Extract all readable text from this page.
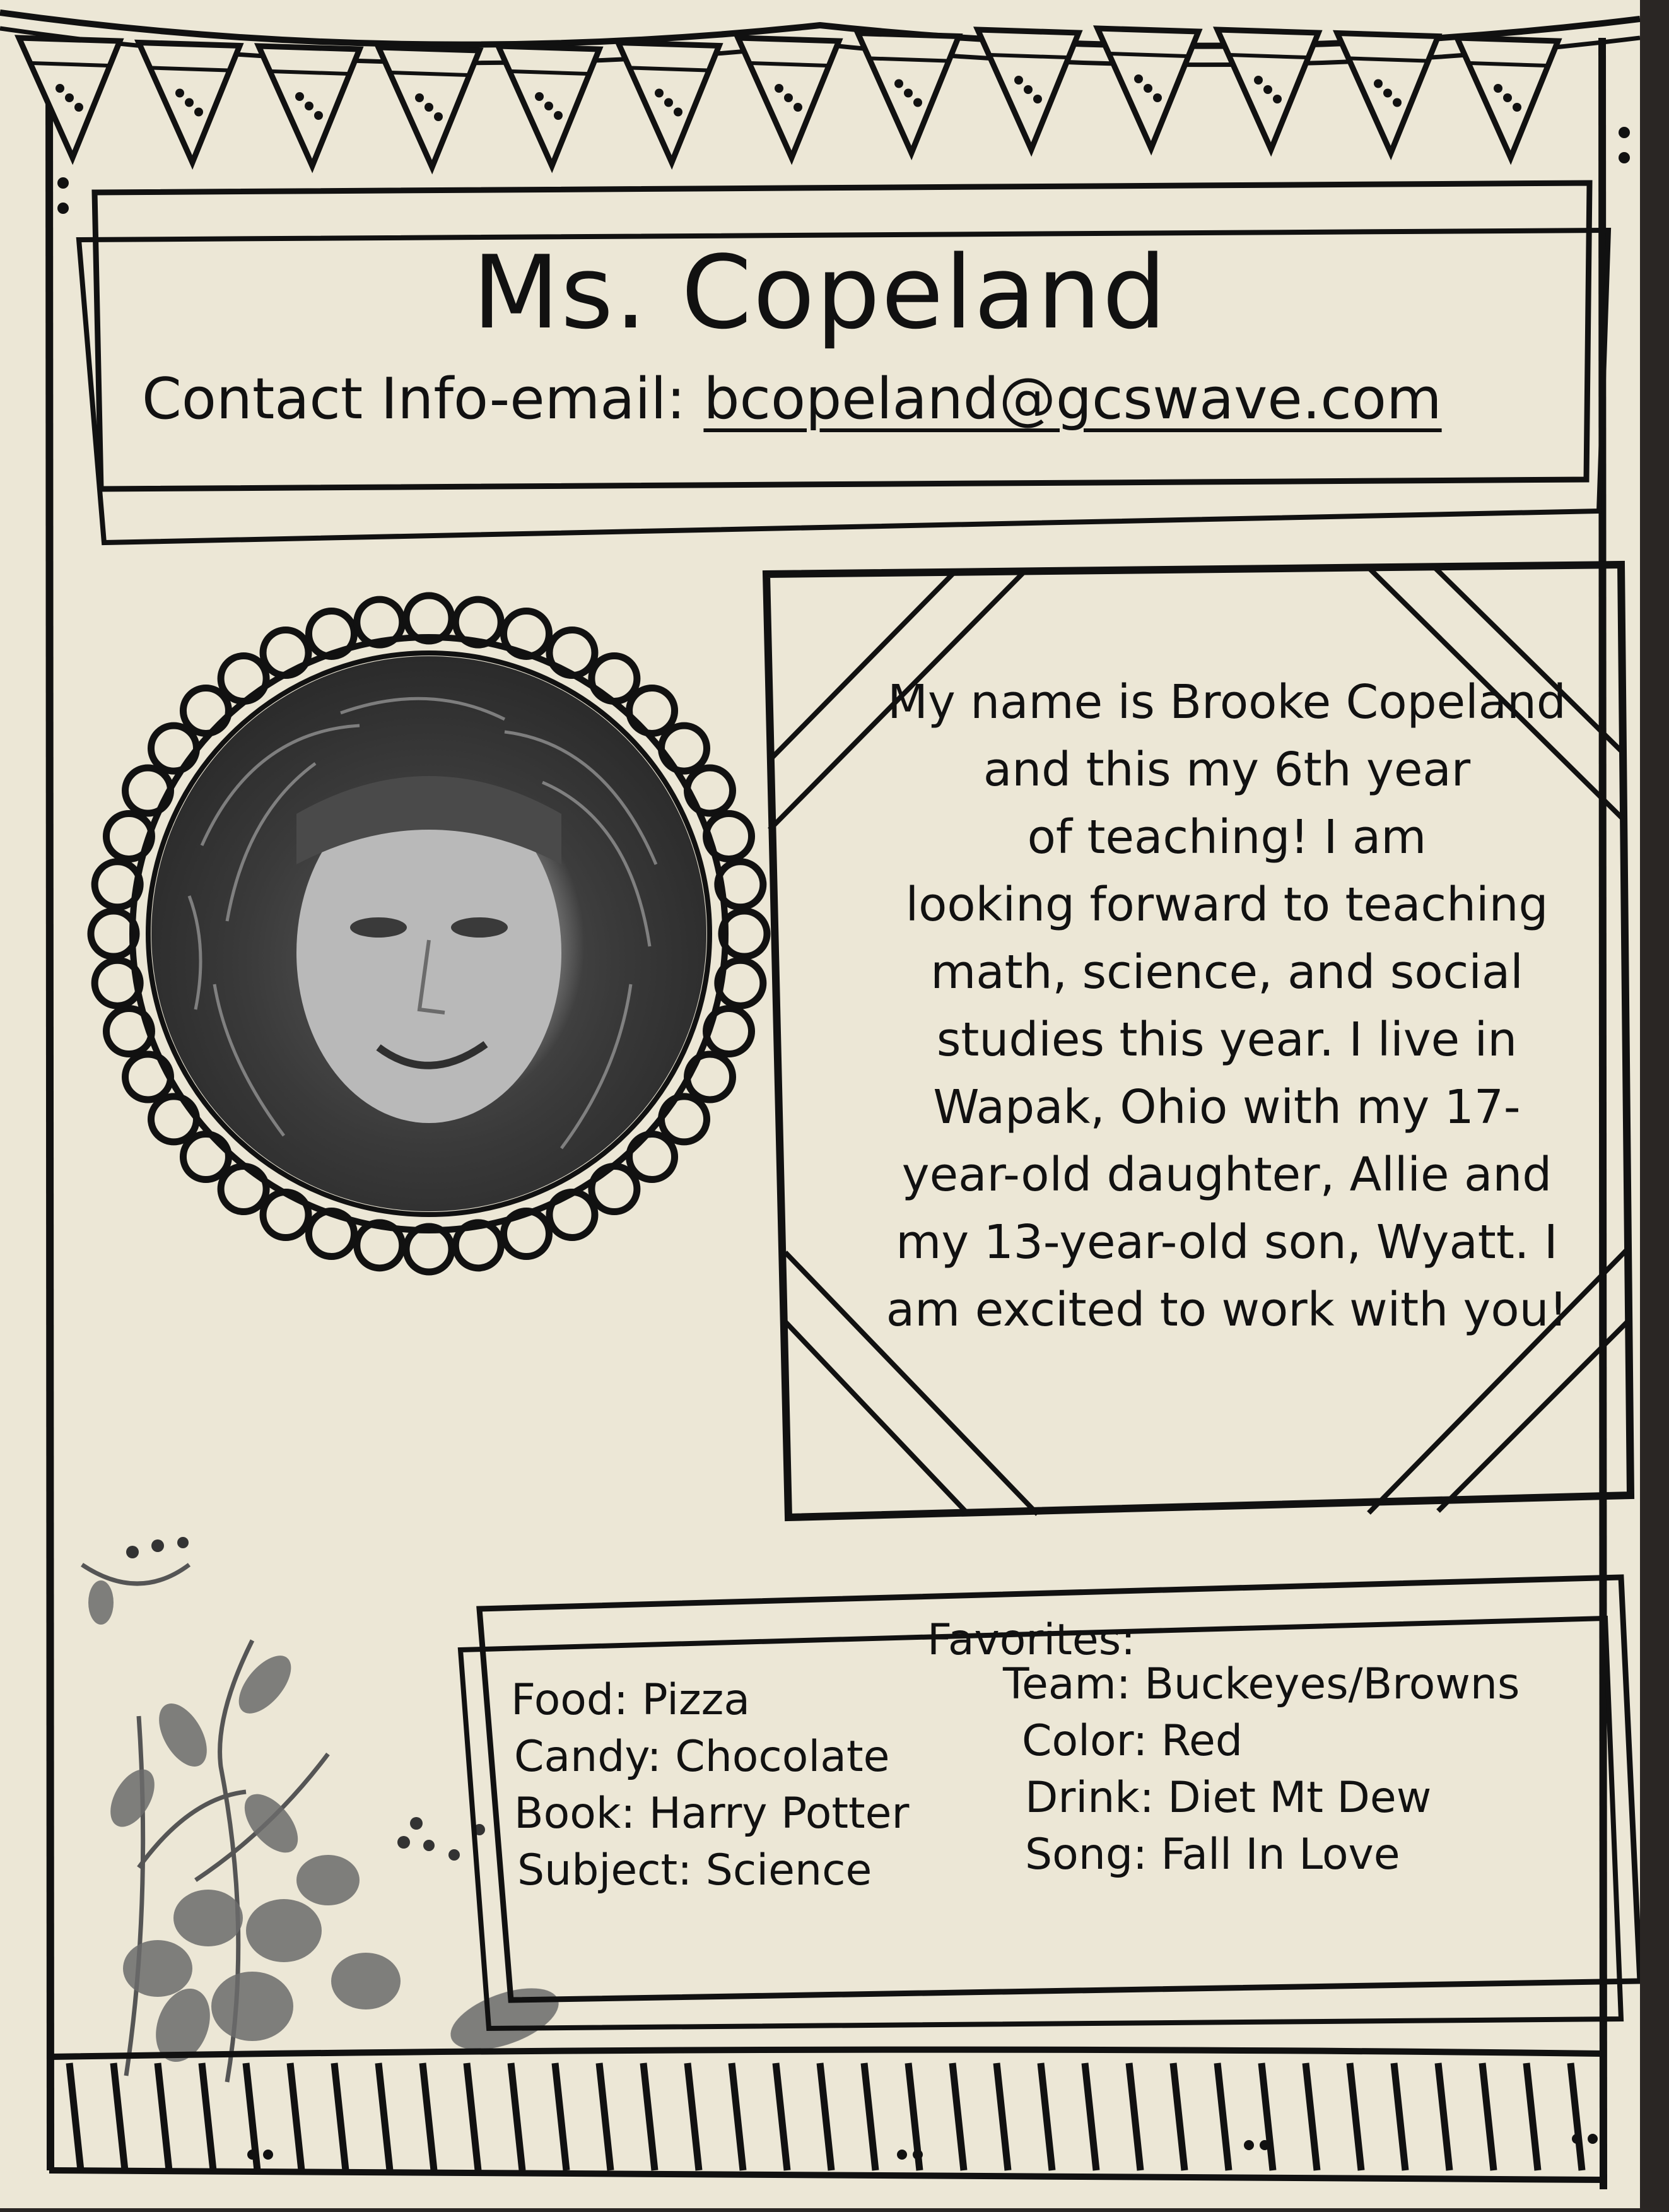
Ms. Copeland
Contact Info-email: bcopeland@gcswave.com
My name is Brooke Copeland
and this my 6th year
of teaching! I am
looking forward to teaching
math, science, and social
studies this year. I live in
Wapak, Ohio with my 17-
year-old daughter, Allie and
my 13-year-old son, Wyatt. I
am excited to work with you!
Favorites:
Food: Pizza
Candy: Chocolate
Book: Harry Potter
Subject: Science
Team: Buckeyes/Browns
Color: Red
Drink: Diet Mt Dew
Song: Fall In Love
